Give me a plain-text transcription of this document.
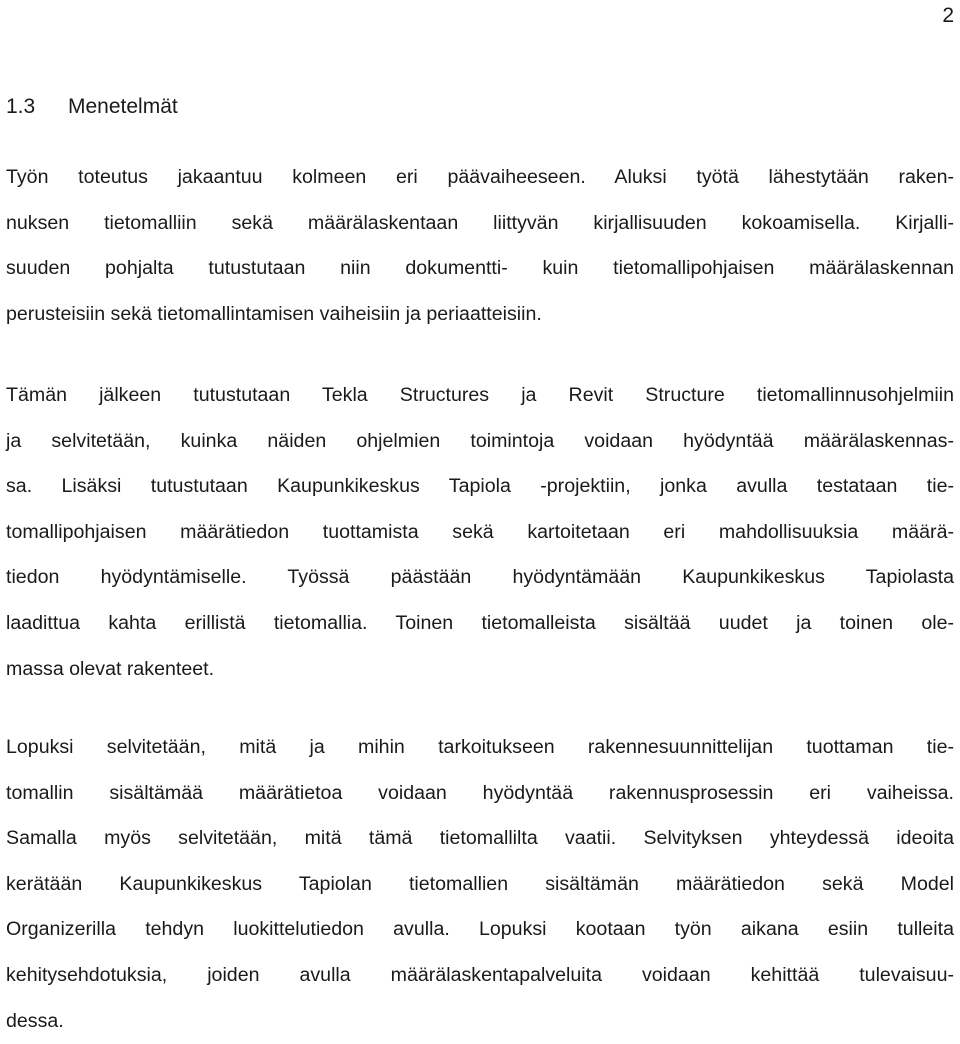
2
1.3 Menetelmät
Työn toteutus jakaantuu kolmeen eri päävaiheeseen. Aluksi työtä lähestytään raken-
nuksen tietomalliin sekä määrälaskentaan liittyvän kirjallisuuden kokoamisella. Kirjalli-
suuden pohjalta tutustutaan niin dokumentti- kuin tietomallipohjaisen määrälaskennan
perusteisiin sekä tietomallintamisen vaiheisiin ja periaatteisiin.
Tämän jälkeen tutustutaan Tekla Structures ja Revit Structure tietomallinnusohjelmiin
ja selvitetään, kuinka näiden ohjelmien toimintoja voidaan hyödyntää määrälaskennas-
sa. Lisäksi tutustutaan Kaupunkikeskus Tapiola -projektiin, jonka avulla testataan tie-
tomallipohjaisen määrätiedon tuottamista sekä kartoitetaan eri mahdollisuuksia määrä-
tiedon hyödyntämiselle. Työssä päästään hyödyntämään Kaupunkikeskus Tapiolasta
laadittua kahta erillistä tietomallia. Toinen tietomalleista sisältää uudet ja toinen ole-
massa olevat rakenteet.
Lopuksi selvitetään, mitä ja mihin tarkoitukseen rakennesuunnittelijan tuottaman tie-
tomallin sisältämää määrätietoa voidaan hyödyntää rakennusprosessin eri vaiheissa.
Samalla myös selvitetään, mitä tämä tietomallilta vaatii. Selvityksen yhteydessä ideoita
kerätään Kaupunkikeskus Tapiolan tietomallien sisältämän määrätiedon sekä Model
Organizerilla tehdyn luokittelutiedon avulla. Lopuksi kootaan työn aikana esiin tulleita
kehitysehdotuksia, joiden avulla määrälaskentapalveluita voidaan kehittää tulevaisuu-
dessa.
